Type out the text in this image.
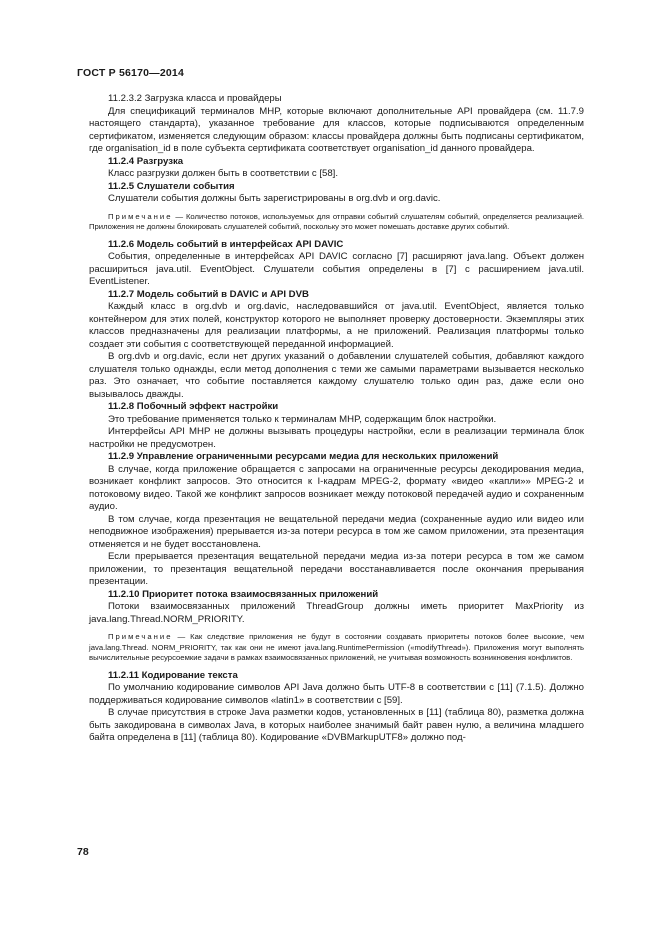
ГОСТ Р 56170—2014

11.2.3.2 Загрузка класса и провайдеры

Для спецификаций терминалов MHP, которые включают дополнительные API провайдера (см. 11.7.9 настоящего стандарта), указанное требование для классов, которые подписываются определенным сертификатом, изменяется следующим образом: классы провайдера должны быть подписаны сертификатом, где organisation_id в поле субъекта сертификата соответствует organisation_id данного провайдера.

11.2.4 Разгрузка

Класс разгрузки должен быть в соответствии с [58].

11.2.5 Слушатели события

Слушатели события должны быть зарегистрированы в org.dvb и org.davic.

Примечание — Количество потоков, используемых для отправки событий слушателям событий, определяется реализацией. Приложения не должны блокировать слушателей событий, поскольку это может помешать доставке других событий.

11.2.6 Модель событий в интерфейсах API DAVIC

События, определенные в интерфейсах API DAVIC согласно [7] расширяют java.lang. Объект должен расшириться java.util. EventObject. Слушатели события определены в [7] с расширением java.util. EventListener.

11.2.7 Модель событий в DAVIC и API DVB

Каждый класс в org.dvb и org.davic, наследовавшийся от java.util. EventObject, является только контейнером для этих полей, конструктор которого не выполняет проверку достоверности. Экземпляры этих классов предназначены для реализации платформы, а не приложений. Реализация платформы только создает эти события с соответствующей переданной информацией.

В org.dvb и org.davic, если нет других указаний о добавлении слушателей события, добавляют каждого слушателя только однажды, если метод дополнения с теми же самыми параметрами вызывается несколько раз. Это означает, что событие поставляется каждому слушателю только один раз, даже если оно вызывалось дважды.

11.2.8 Побочный эффект настройки

Это требование применяется только к терминалам MHP, содержащим блок настройки.

Интерфейсы API MHP не должны вызывать процедуры настройки, если в реализации терминала блок настройки не предусмотрен.

11.2.9 Управление ограниченными ресурсами медиа для нескольких приложений

В случае, когда приложение обращается с запросами на ограниченные ресурсы декодирования медиа, возникает конфликт запросов. Это относится к I-кадрам MPEG-2, формату «видео «капли»» MPEG-2 и потоковому видео. Такой же конфликт запросов возникает между потоковой передачей аудио и сохраненным аудио.

В том случае, когда презентация не вещательной передачи медиа (сохраненные аудио или видео или неподвижное изображения) прерывается из-за потери ресурса в том же самом приложении, эта презентация отменяется и не будет восстановлена.

Если прерывается презентация вещательной передачи медиа из-за потери ресурса в том же самом приложении, то презентация вещательной передачи восстанавливается после окончания прерывания презентации.

11.2.10 Приоритет потока взаимосвязанных приложений

Потоки взаимосвязанных приложений ThreadGroup должны иметь приоритет MaxPriority из java.lang.Thread.NORM_PRIORITY.

Примечание — Как следствие приложения не будут в состоянии создавать приоритеты потоков более высокие, чем java.lang.Thread. NORM_PRIORITY, так как они не имеют java.lang.RuntimePermission («modifyThread»). Приложения могут выполнять вычислительные ресурсоемкие задачи в рамках взаимосвязанных приложений, не учитывая возможность возникновения конфликтов.

11.2.11 Кодирование текста

По умолчанию кодирование символов API Java должно быть UTF-8 в соответствии с [11] (7.1.5). Должно поддерживаться кодирование символов «latin1» в соответствии с [59].

В случае присутствия в строке Java разметки кодов, установленных в [11] (таблица 80), разметка должна быть закодирована в символах Java, в которых наиболее значимый байт равен нулю, а величина младшего байта определена в [11] (таблица 80). Кодирование «DVBMarkupUTF8» должно под-

78
